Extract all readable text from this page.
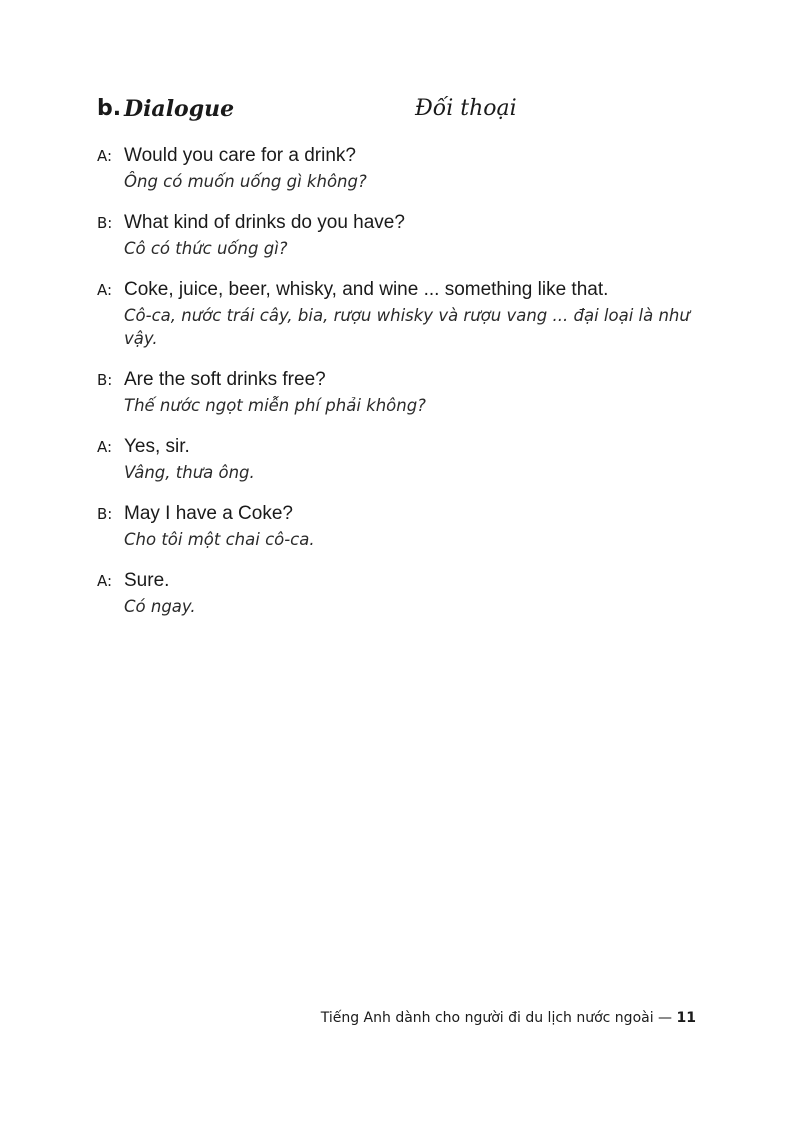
b. Dialogue	Đối thoại
A: Would you care for a drink?
Ông có muốn uống gì không?
B: What kind of drinks do you have?
Cô có thức uống gì?
A: Coke, juice, beer, whisky, and wine ... something like that.
Cô-ca, nước trái cây, bia, rượu whisky và rượu vang ... đại loại là như vậy.
B: Are the soft drinks free?
Thế nước ngọt miễn phí phải không?
A: Yes, sir.
Vâng, thưa ông.
B: May I have a Coke?
Cho tôi một chai cô-ca.
A: Sure.
Có ngay.
Tiếng Anh dành cho người đi du lịch nước ngoài — 11
